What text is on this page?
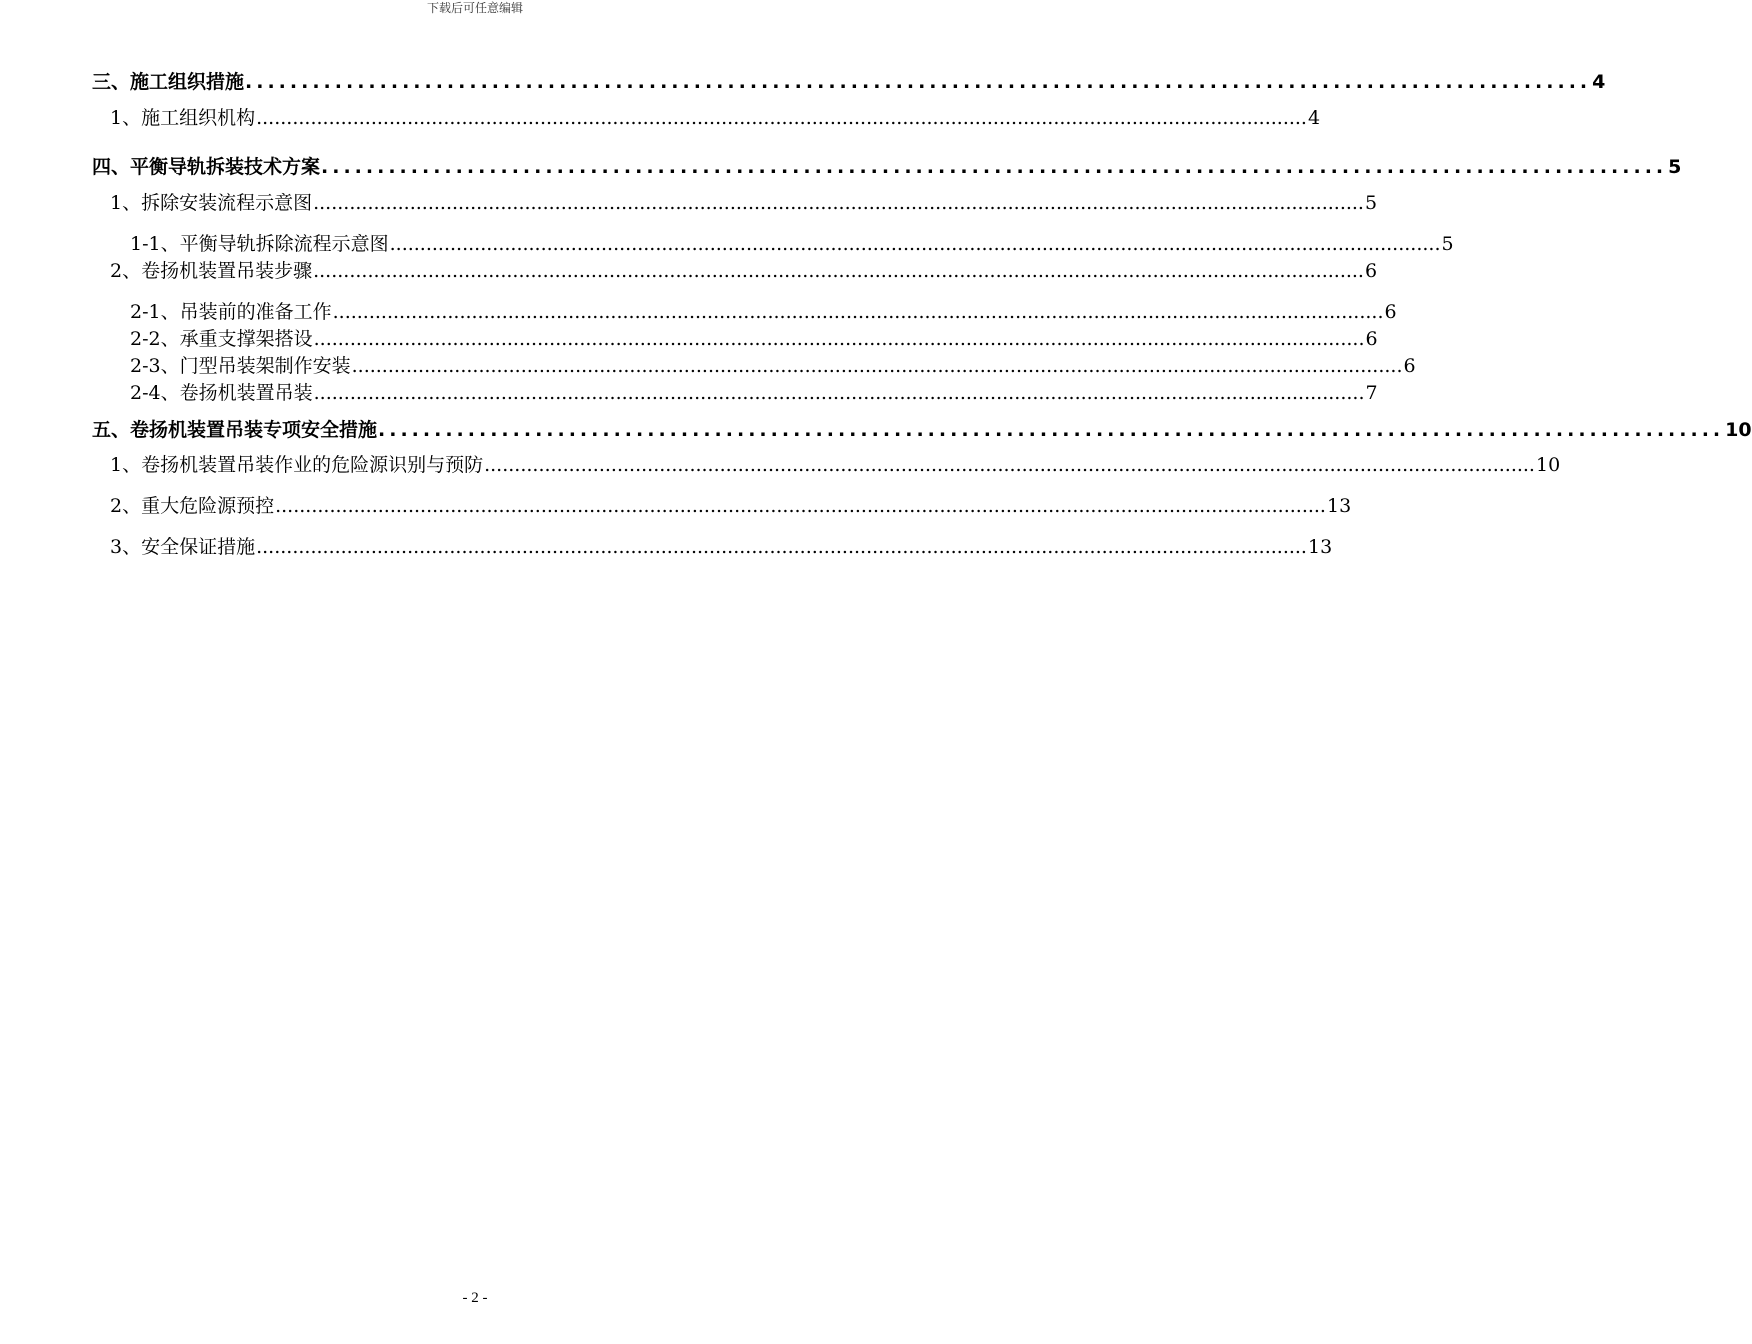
下载后可任意编辑
三、施工组织措施 ........................................................................................................................ 4
1、施工组织机构 .............................................................................................................................................................................. 4
四、平衡导轨拆装技术方案 ........................................................................................................................ 5
1、拆除安装流程示意图 .............................................................................................................................................................................. 5
1-1、平衡导轨拆除流程示意图 .............................................................................................................................................................................. 5
2、卷扬机装置吊装步骤 .............................................................................................................................................................................. 6
2-1、吊装前的准备工作 .............................................................................................................................................................................. 6
2-2、承重支撑架搭设 .............................................................................................................................................................................. 6
2-3、门型吊装架制作安装 .............................................................................................................................................................................. 6
2-4、卷扬机装置吊装 .............................................................................................................................................................................. 7
五、卷扬机装置吊装专项安全措施 ........................................................................................................................ 10
1、卷扬机装置吊装作业的危险源识别与预防 .............................................................................................................................................................................. 10
2、重大危险源预控 .............................................................................................................................................................................. 13
3、安全保证措施 .............................................................................................................................................................................. 13
- 2 -
